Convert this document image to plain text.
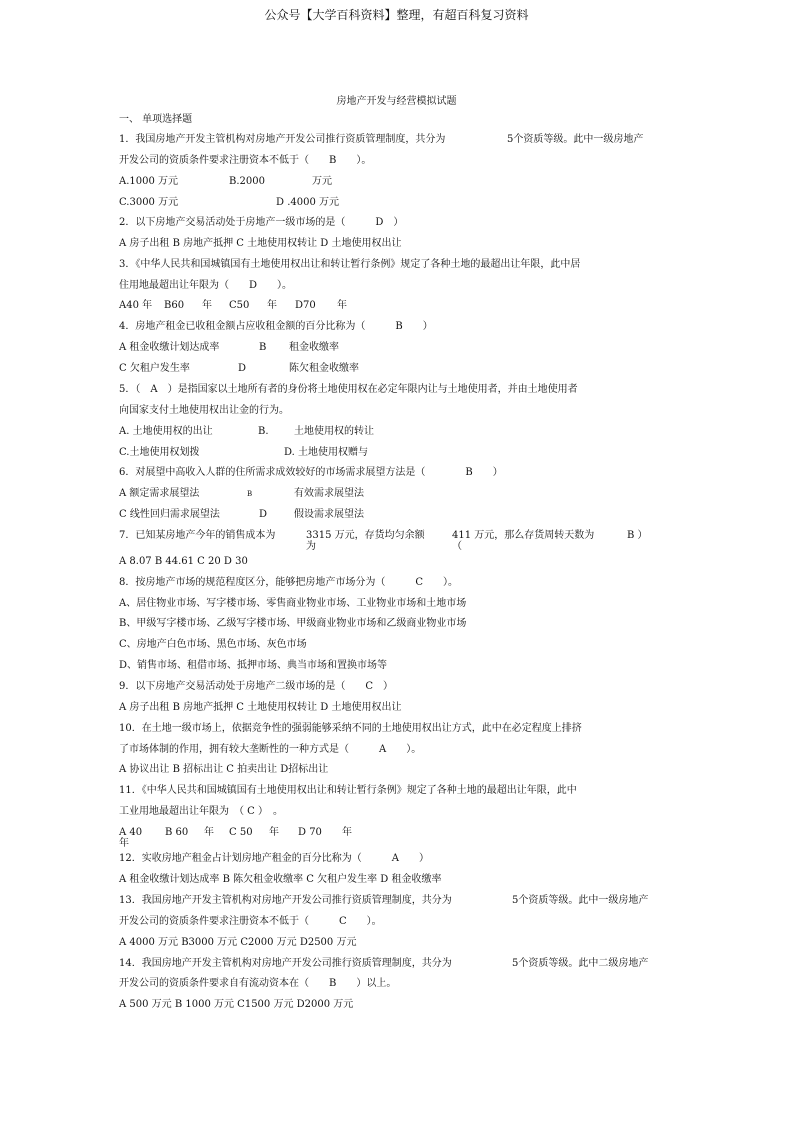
公众号【大学百科资料】整理，有超百科复习资料
房地产开发与经营模拟试题
一、 单项选择题
1．我国房地产开发主管机构对房地产开发公司推行资质管理制度，共分为	5个资质等级。此中一级房地产
开发公司的资质条件要求注册资本不低于（　　B　　）。
A.1000 万元	B.2000	万元
C.3000 万元	D .4000 万元
2．以下房地产交易活动处于房地产一级市场的是（　　　D　）
A 房子出租 B 房地产抵押 C 土地使用权转让 D 土地使用权出让
3．《中华人民共和国城镇国有土地使用权出让和转让暂行条例》规定了各种土地的最超出让年限，此中居
住用地最超出让年限为（　　D　　）。
A40 年 B60 年 C50 年 D70 年
4．房地产租金已收租金额占应收租金额的百分比称为（　　　B　　）
A 租金收缴计划达成率	B 租金收缴率
C 欠租户发生率	D	陈欠租金收缴率
5．（　A　）是指国家以土地所有者的身份将土地使用权在必定年限内让与土地使用者，并由土地使用者
向国家支付土地使用权出让金的行为。
A. 土地使用权的出让	B.	土地使用权的转让
C.土地使用权划拨	D. 土地使用权赠与
6．对展望中高收入人群的住所需求成效较好的市场需求展望方法是（　　　　B　　）
A 额定需求展望法	B	有效需求展望法
C 线性回归需求展望法	D	假设需求展望法
7．已知某房地产今年的销售成本为	3315 万元，存货均匀余额	411 万元，那么存货周转天数为	B ）
为	（
A 8.07 B 44.61 C 20 D 30
8．按房地产市场的规范程度区分，能够把房地产市场分为（　　　C　　）。
A、居住物业市场、写字楼市场、零售商业物业市场、工业物业市场和土地市场
B、甲级写字楼市场、乙级写字楼市场、甲级商业物业市场和乙级商业物业市场
C、房地产白色市场、黑色市场、灰色市场
D、销售市场、租借市场、抵押市场、典当市场和置换市场等
9．以下房地产交易活动处于房地产二级市场的是（　　C　）
A 房子出租 B 房地产抵押 C 土地使用权转让 D 土地使用权出让
10．在土地一级市场上，依据竞争性的强弱能够采纳不同的土地使用权出让方式，此中在必定程度上排挤
了市场体制的作用，拥有较大垄断性的一种方式是（　　　A　　）。
A 协议出让 B 招标出让 C 拍卖出让 D招标出让
11．《中华人民共和国城镇国有土地使用权出让和转让暂行条例》规定了各种土地的最超出让年限，此中
工业用地最超出让年限为　（ C ）　。
A 40 B 60 年 C 50 年 D 70 年
年
12．实收房地产租金占计划房地产租金的百分比称为（　　　A　　）
A 租金收缴计划达成率 B 陈欠租金收缴率 C 欠租户发生率 D 租金收缴率
13．我国房地产开发主管机构对房地产开发公司推行资质管理制度，共分为	5个资质等级。此中一级房地产
开发公司的资质条件要求注册资本不低于（　　　C　　）。
A 4000 万元 B3000 万元 C2000 万元 D2500 万元
14．我国房地产开发主管机构对房地产开发公司推行资质管理制度，共分为	5个资质等级。此中二级房地产
开发公司的资质条件要求自有流动资本在（　　B　　）以上。
A 500 万元 B 1000 万元 C1500 万元 D2000 万元
